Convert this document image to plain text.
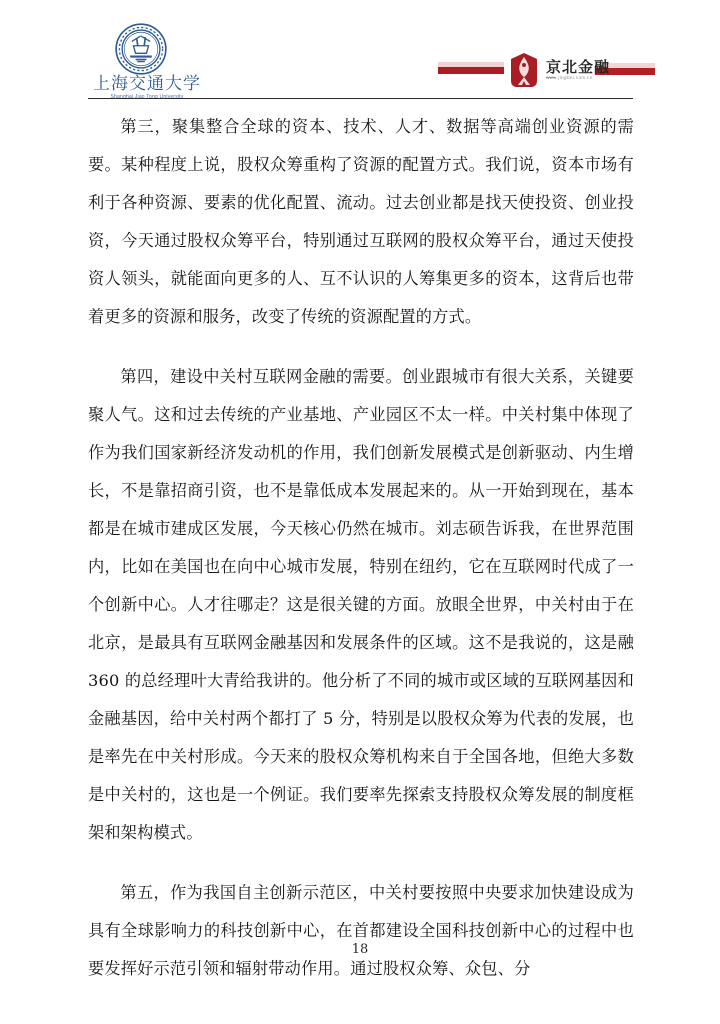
上海交通大学
Shanghai Jiao Tong University
京北金融
www.jingbei.com.cn

第三，聚集整合全球的资本、技术、人才、数据等高端创业资源的需要。某种程度上说，股权众筹重构了资源的配置方式。我们说，资本市场有利于各种资源、要素的优化配置、流动。过去创业都是找天使投资、创业投资，今天通过股权众筹平台，特别通过互联网的股权众筹平台，通过天使投资人领头，就能面向更多的人、互不认识的人筹集更多的资本，这背后也带着更多的资源和服务，改变了传统的资源配置的方式。

第四，建设中关村互联网金融的需要。创业跟城市有很大关系，关键要聚人气。这和过去传统的产业基地、产业园区不太一样。中关村集中体现了作为我们国家新经济发动机的作用，我们创新发展模式是创新驱动、内生增长，不是靠招商引资，也不是靠低成本发展起来的。从一开始到现在，基本都是在城市建成区发展，今天核心仍然在城市。刘志硕告诉我，在世界范围内，比如在美国也在向中心城市发展，特别在纽约，它在互联网时代成了一个创新中心。人才往哪走？这是很关键的方面。放眼全世界，中关村由于在北京，是最具有互联网金融基因和发展条件的区域。这不是我说的，这是融 360 的总经理叶大青给我讲的。他分析了不同的城市或区域的互联网基因和金融基因，给中关村两个都打了 5 分，特别是以股权众筹为代表的发展，也是率先在中关村形成。今天来的股权众筹机构来自于全国各地，但绝大多数是中关村的，这也是一个例证。我们要率先探索支持股权众筹发展的制度框架和架构模式。

第五，作为我国自主创新示范区，中关村要按照中央要求加快建设成为具有全球影响力的科技创新中心，在首都建设全国科技创新中心的过程中也要发挥好示范引领和辐射带动作用。通过股权众筹、众包、分

18
